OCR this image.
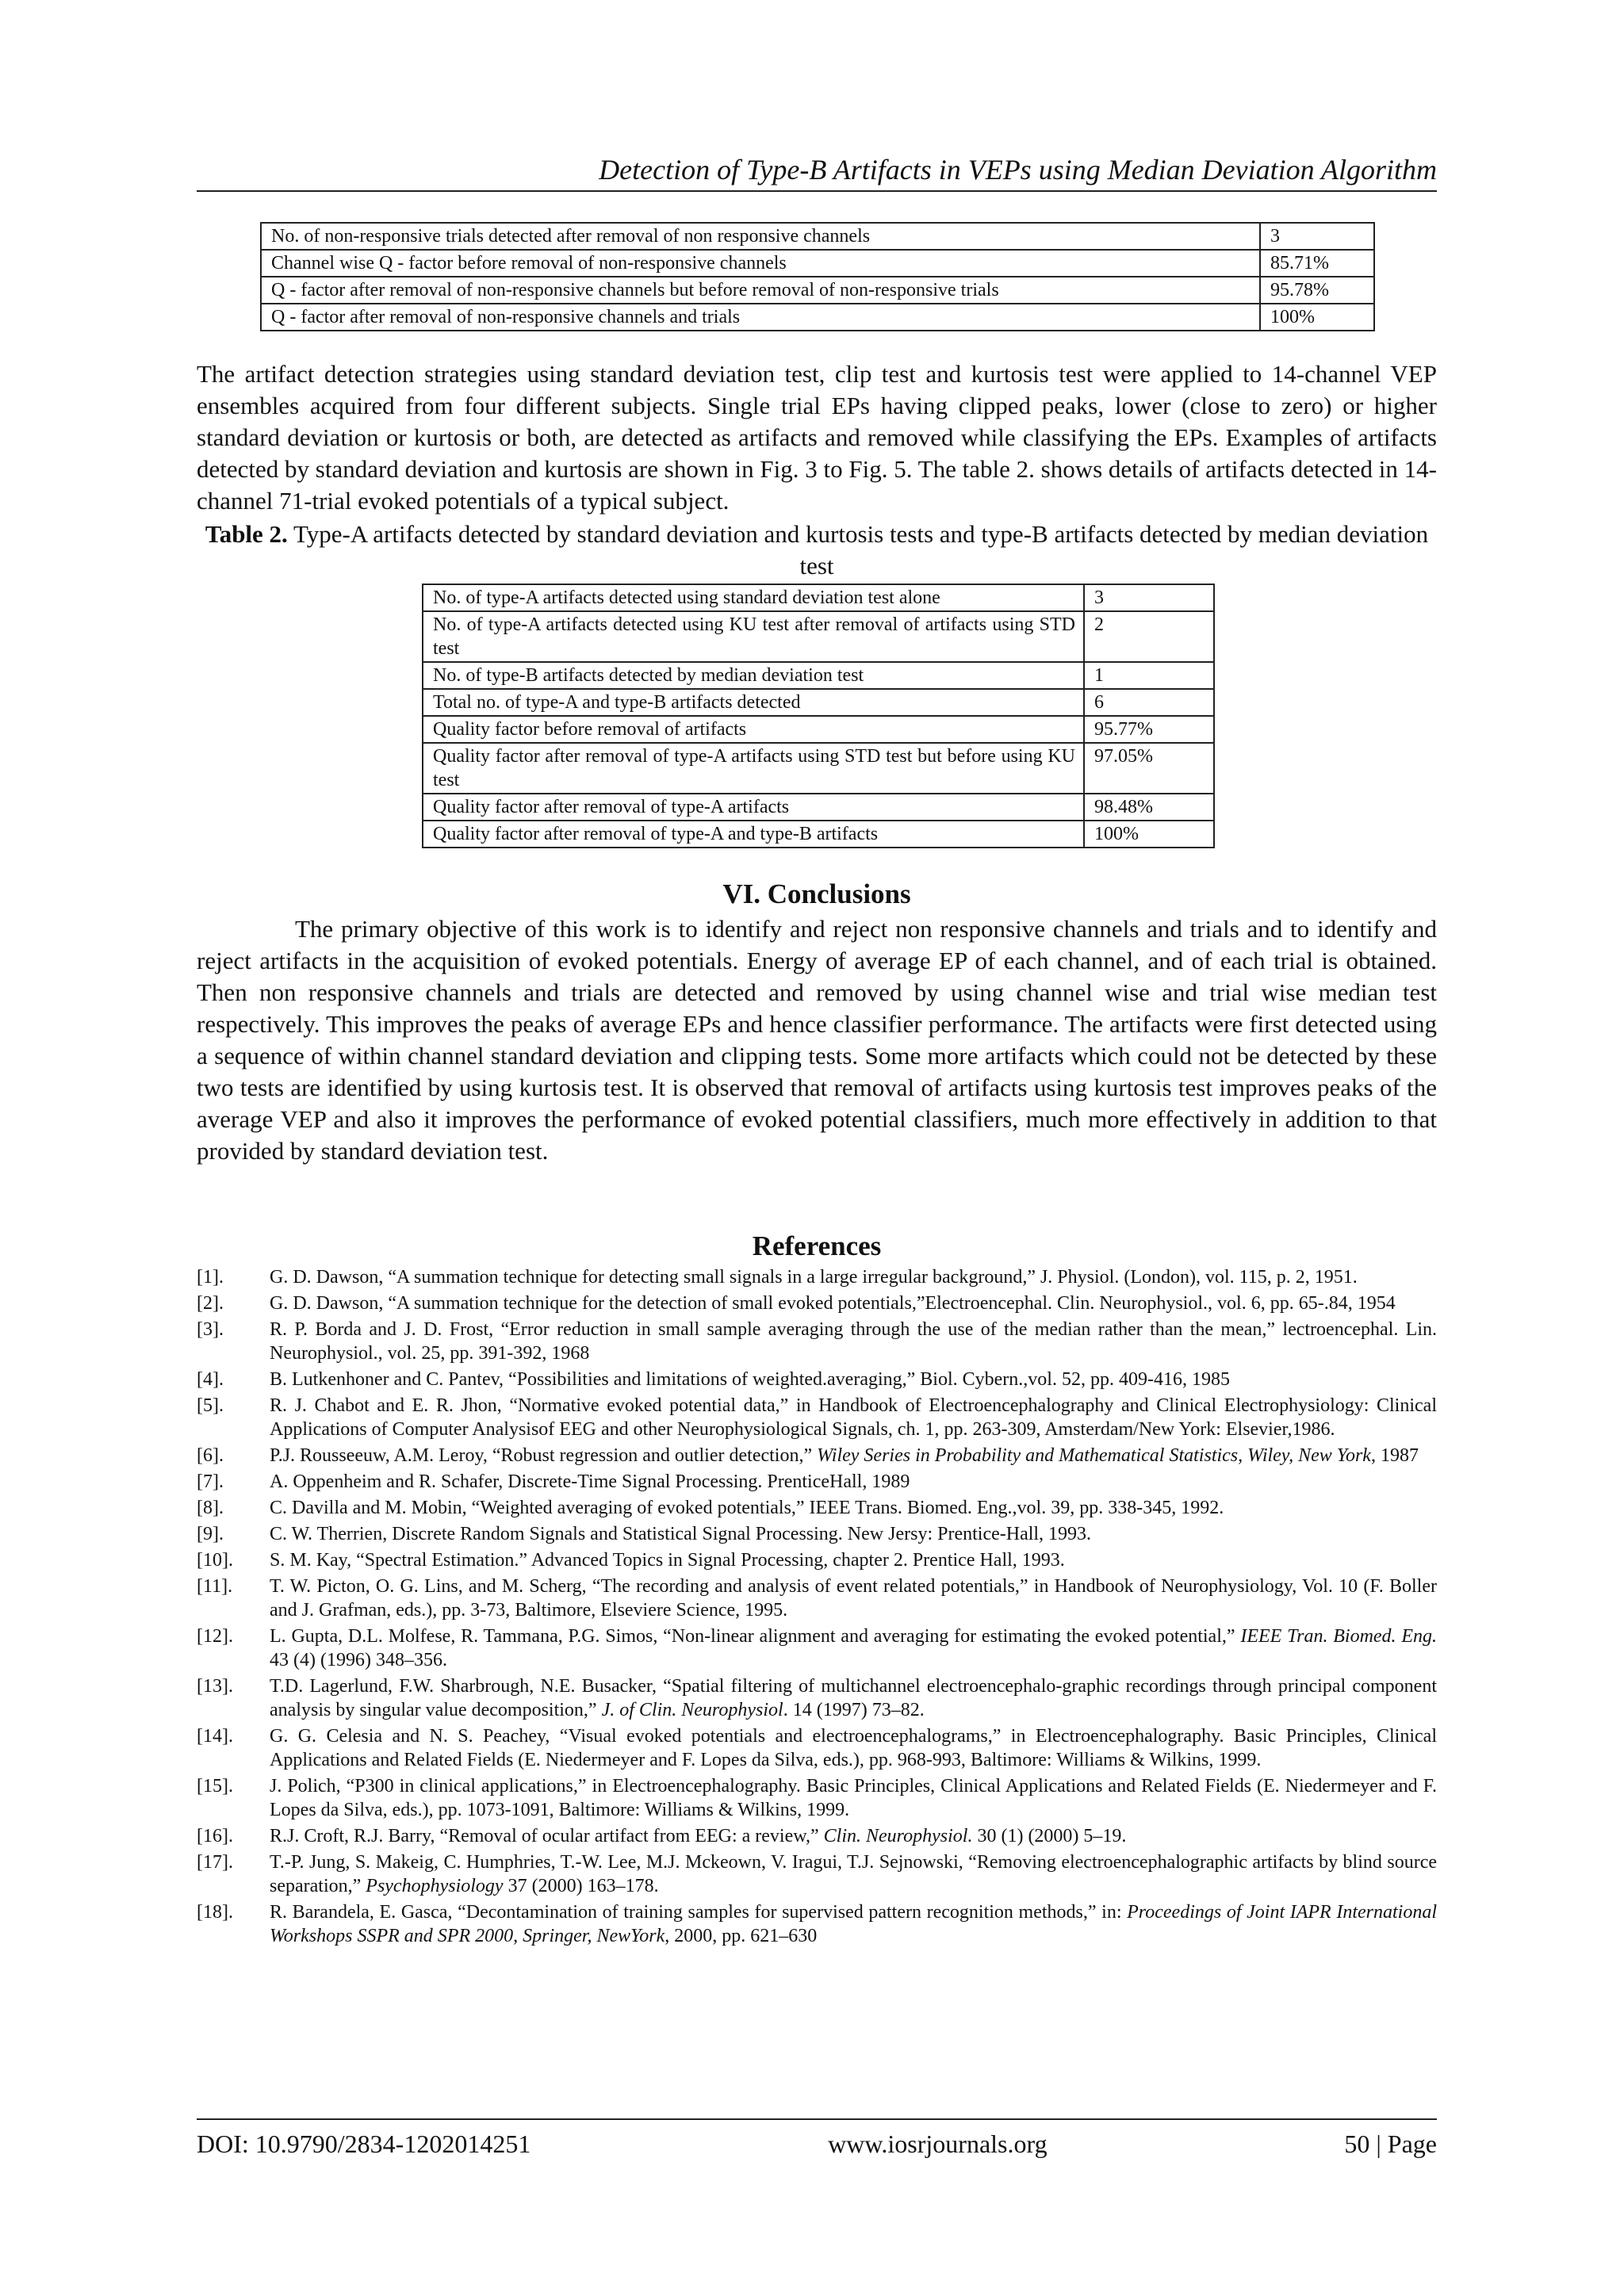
Detection of Type-B Artifacts in VEPs using Median Deviation Algorithm
No. of non-responsive trials detected after removal of non responsive channels	3
Channel wise Q - factor before removal of non-responsive channels	85.71%
Q - factor after removal of non-responsive channels but before removal of non-responsive trials	95.78%
Q - factor after removal of non-responsive channels and trials	100%

The artifact detection strategies using standard deviation test, clip test and kurtosis test were applied to 14-channel VEP ensembles acquired from four different subjects. Single trial EPs having clipped peaks, lower (close to zero) or higher standard deviation or kurtosis or both, are detected as artifacts and removed while classifying the EPs. Examples of artifacts detected by standard deviation and kurtosis are shown in Fig. 3 to Fig. 5. The table 2. shows details of artifacts detected in 14-channel 71-trial evoked potentials of a typical subject.

Table 2. Type-A artifacts detected by standard deviation and kurtosis tests and type-B artifacts detected by median deviation test
No. of type-A artifacts detected using standard deviation test alone	3
No. of type-A artifacts detected using KU test after removal of artifacts using STD test	2
No. of type-B artifacts detected by median deviation test	1
Total no. of type-A and type-B artifacts detected	6
Quality factor before removal of artifacts	95.77%
Quality factor after removal of type-A artifacts using STD test but before using KU test	97.05%
Quality factor after removal of type-A artifacts	98.48%
Quality factor after removal of type-A and type-B artifacts	100%
VI. Conclusions

The primary objective of this work is to identify and reject non responsive channels and trials and to identify and reject artifacts in the acquisition of evoked potentials. Energy of average EP of each channel, and of each trial is obtained. Then non responsive channels and trials are detected and removed by using channel wise and trial wise median test respectively. This improves the peaks of average EPs and hence classifier performance. The artifacts were first detected using a sequence of within channel standard deviation and clipping tests. Some more artifacts which could not be detected by these two tests are identified by using kurtosis test. It is observed that removal of artifacts using kurtosis test improves peaks of the average VEP and also it improves the performance of evoked potential classifiers, much more effectively in addition to that provided by standard deviation test.

References
[1].	G. D. Dawson, “A summation technique for detecting small signals in a large irregular background,” J. Physiol. (London), vol. 115, p. 2, 1951.
[2].	G. D. Dawson, “A summation technique for the detection of small evoked potentials,”Electroencephal. Clin. Neurophysiol., vol. 6, pp. 65-.84, 1954
[3].	R. P. Borda and J. D. Frost, “Error reduction in small sample averaging through the use of the median rather than the mean,” lectroencephal. Lin. Neurophysiol., vol. 25, pp. 391-392, 1968
[4].	B. Lutkenhoner and C. Pantev, “Possibilities and limitations of weighted.averaging,” Biol. Cybern.,vol. 52, pp. 409-416, 1985
[5].	R. J. Chabot and E. R. Jhon, “Normative evoked potential data,” in Handbook of Electroencephalography and Clinical Electrophysiology: Clinical Applications of Computer Analysisof EEG and other Neurophysiological Signals, ch. 1, pp. 263-309, Amsterdam/New York: Elsevier,1986.
[6].	P.J. Rousseeuw, A.M. Leroy, “Robust regression and outlier detection,” Wiley Series in Probability and Mathematical Statistics, Wiley, New York, 1987
[7].	A. Oppenheim and R. Schafer, Discrete-Time Signal Processing. PrenticeHall, 1989
[8].	C. Davilla and M. Mobin, “Weighted averaging of evoked potentials,” IEEE Trans. Biomed. Eng.,vol. 39, pp. 338-345, 1992.
[9].	C. W. Therrien, Discrete Random Signals and Statistical Signal Processing. New Jersy: Prentice-Hall, 1993.
[10].	S. M. Kay, “Spectral Estimation.” Advanced Topics in Signal Processing, chapter 2. Prentice Hall, 1993.
[11].	T. W. Picton, O. G. Lins, and M. Scherg, “The recording and analysis of event related potentials,” in Handbook of Neurophysiology, Vol. 10 (F. Boller and J. Grafman, eds.), pp. 3-73, Baltimore, Elseviere Science, 1995.
[12].	L. Gupta, D.L. Molfese, R. Tammana, P.G. Simos, “Non-linear alignment and averaging for estimating the evoked potential,” IEEE Tran. Biomed. Eng. 43 (4) (1996) 348–356.
[13].	T.D. Lagerlund, F.W. Sharbrough, N.E. Busacker, “Spatial filtering of multichannel electroencephalo-graphic recordings through principal component analysis by singular value decomposition,” J. of Clin. Neurophysiol. 14 (1997) 73–82.
[14].	G. G. Celesia and N. S. Peachey, “Visual evoked potentials and electroencephalograms,” in Electroencephalography. Basic Principles, Clinical Applications and Related Fields (E. Niedermeyer and F. Lopes da Silva, eds.), pp. 968-993, Baltimore: Williams & Wilkins, 1999.
[15].	J. Polich, “P300 in clinical applications,” in Electroencephalography. Basic Principles, Clinical Applications and Related Fields (E. Niedermeyer and F. Lopes da Silva, eds.), pp. 1073-1091, Baltimore: Williams & Wilkins, 1999.
[16].	R.J. Croft, R.J. Barry, “Removal of ocular artifact from EEG: a review,” Clin. Neurophysiol. 30 (1) (2000) 5–19.
[17].	T.-P. Jung, S. Makeig, C. Humphries, T.-W. Lee, M.J. Mckeown, V. Iragui, T.J. Sejnowski, “Removing electroencephalographic artifacts by blind source separation,” Psychophysiology 37 (2000) 163–178.
[18].	R. Barandela, E. Gasca, “Decontamination of training samples for supervised pattern recognition methods,” in: Proceedings of Joint IAPR International Workshops SSPR and SPR 2000, Springer, NewYork, 2000, pp. 621–630
DOI: 10.9790/2834-1202014251	www.iosrjournals.org	50 | Page
